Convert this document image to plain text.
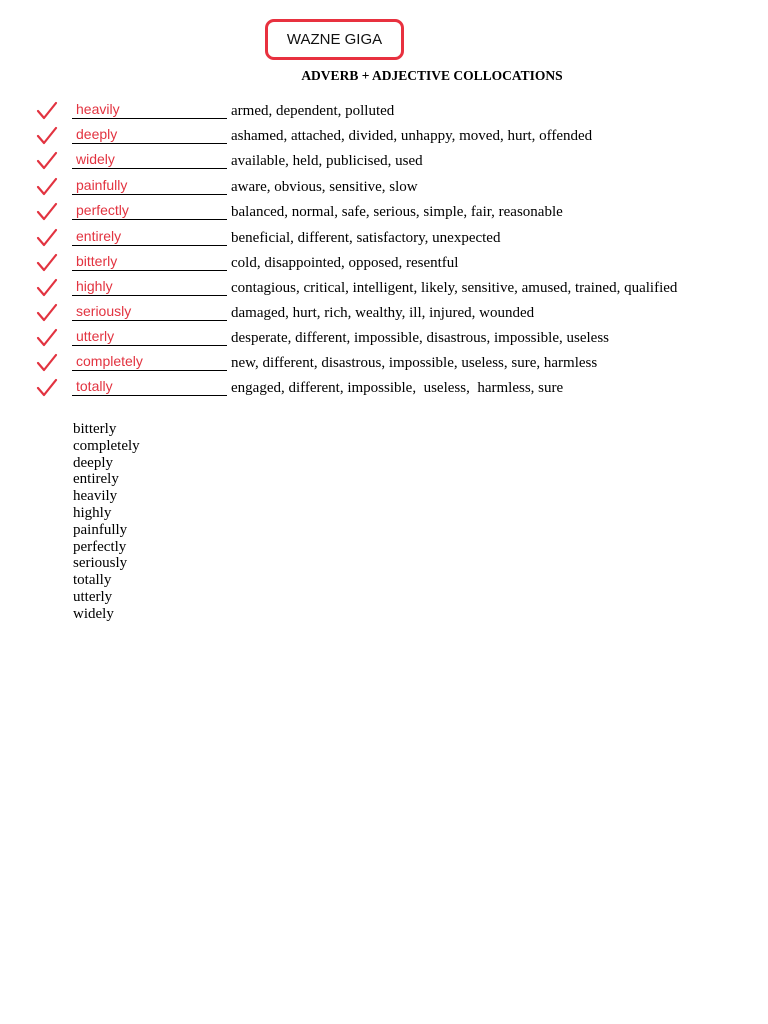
WAZNE GIGA
ADVERB + ADJECTIVE COLLOCATIONS
heavily	armed, dependent, polluted
deeply	ashamed, attached, divided, unhappy, moved, hurt, offended
widely	available, held, publicised, used
painfully	aware, obvious, sensitive, slow
perfectly	balanced, normal, safe, serious, simple, fair, reasonable
entirely	beneficial, different, satisfactory, unexpected
bitterly	cold, disappointed, opposed, resentful
highly	contagious, critical, intelligent, likely, sensitive, amused, trained, qualified
seriously	damaged, hurt, rich, wealthy, ill, injured, wounded
utterly	desperate, different, impossible, disastrous, impossible, useless
completely	new, different, disastrous, impossible, useless, sure, harmless
totally	engaged, different, impossible,  useless,  harmless, sure
bitterly
completely
deeply
entirely
heavily
highly
painfully
perfectly
seriously
totally
utterly
widely
